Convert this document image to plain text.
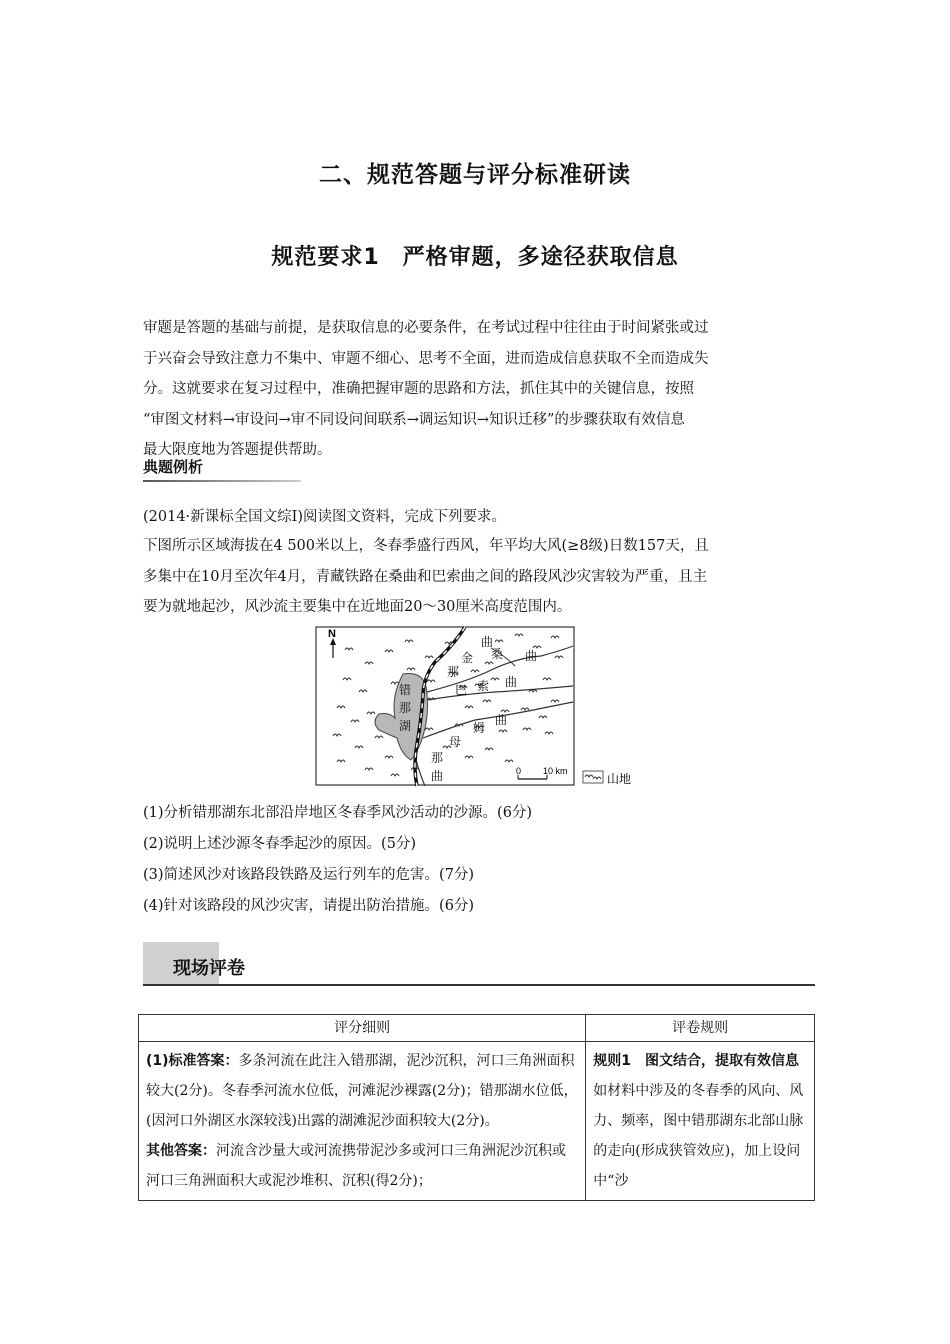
二、规范答题与评分标准研读
规范要求1　严格审题，多途径获取信息
审题是答题的基础与前提，是获取信息的必要条件，在考试过程中往往由于时间紧张或过
于兴奋会导致注意力不集中、审题不细心、思考不全面，进而造成信息获取不全而造成失
分。这就要求在复习过程中，准确把握审题的思路和方法，抓住其中的关键信息，按照
“审图文材料→审设问→审不同设问间联系→调运知识→知识迁移”的步骤获取有效信息
最大限度地为答题提供帮助。
典题例析
(2014·新课标全国文综Ⅰ)阅读图文资料，完成下列要求。
下图所示区域海拔在4 500米以上，冬春季盛行西风，年平均大风(≥8级)日数157天，且
多集中在10月至次年4月，青藏铁路在桑曲和巴索曲之间的路段风沙灾害较为严重，且主
要为就地起沙，风沙流主要集中在近地面20～30厘米高度范围内。
N
错
那
湖
曲
金 桑 曲
那
巴 索 曲
曲
母
姆
那
曲	0 10 km
山地
(1)分析错那湖东北部沿岸地区冬春季风沙活动的沙源。(6分)
(2)说明上述沙源冬春季起沙的原因。(5分)
(3)简述风沙对该路段铁路及运行列车的危害。(7分)
(4)针对该路段的风沙灾害，请提出防治措施。(6分)
现场评卷
评分细则	评卷规则
(1)标准答案：多条河流在此注入错那湖，泥沙沉积，河口三角洲面积较大(2分)。冬春季河流水位低，河滩泥沙裸露(2分)；错那湖水位低，(因河口外湖区水深较浅)出露的湖滩泥沙面积较大(2分)。
其他答案：河流含沙量大或河流携带泥沙多或河口三角洲泥沙沉积或河口三角洲面积大或泥沙堆积、沉积(得2分)；	规则1　图文结合，提取有效信息
如材料中涉及的冬春季的风向、风力、频率，图中错那湖东北部山脉的走向(形成狭管效应)，加上设问中“沙
